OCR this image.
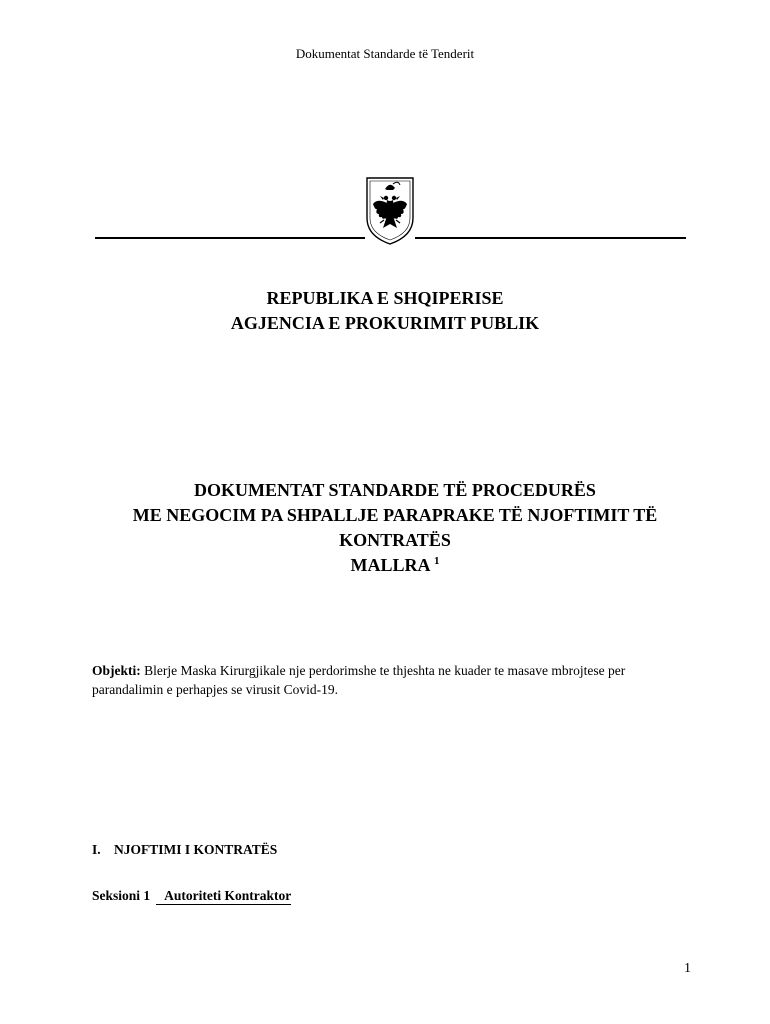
Dokumentat Standarde të Tenderit
REPUBLIKA E SHQIPERISE
AGJENCIA E PROKURIMIT PUBLIK
DOKUMENTAT STANDARDE TË PROCEDURËS
ME NEGOCIM PA SHPALLJE PARAPRAKE TË NJOFTIMIT TË
KONTRATËS
MALLRA $^1$
Objekti: Blerje Maska Kirurgjikale nje perdorimshe te thjeshta ne kuader te masave mbrojtese per
parandalimin e perhapjes se virusit Covid-19.
I. NJOFTIMI I KONTRATËS
Seksioni 1 Autoriteti Kontraktor
1
